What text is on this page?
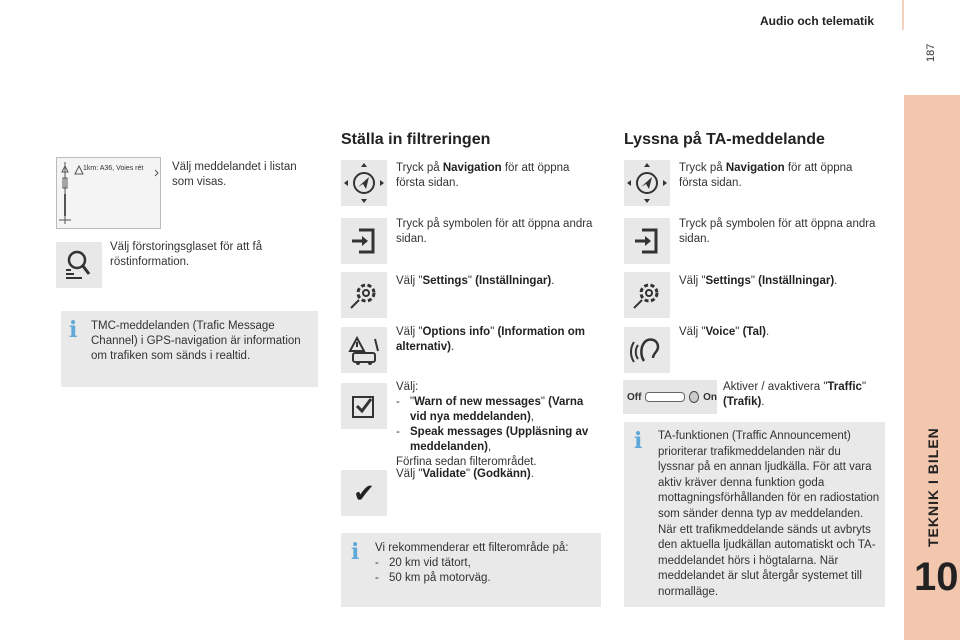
Audio och telematik
187
TEKNIK I BILEN
10
1km: A36, Voies rét Välj meddelandet i listan som visas.
Välj förstoringsglaset för att få röstinformation.
i TMC-meddelanden (Trafic Message Channel) i GPS-navigation är information om trafiken som sänds i realtid.
Ställa in filtreringen
Tryck på Navigation för att öppna första sidan.
Tryck på symbolen för att öppna andra sidan.
Välj "Settings" (Inställningar).
Välj "Options info" (Information om alternativ).
Välj:
- "Warn of new messages" (Varna vid nya meddelanden),
- Speak messages (Uppläsning av meddelanden),
Förfina sedan filterområdet.
✔
Välj "Validate" (Godkänn).
i Vi rekommenderar ett filterområde på:
- 20 km vid tätort,
- 50 km på motorväg.
Lyssna på TA-meddelande
Tryck på Navigation för att öppna första sidan.
Tryck på symbolen för att öppna andra sidan.
Välj "Settings" (Inställningar).
Välj "Voice" (Tal).
Off	On
Aktiver / avaktivera "Traffic" (Trafik).
i TA-funktionen (Traffic Announcement) prioriterar trafikmeddelanden när du lyssnar på en annan ljudkälla. För att vara aktiv kräver denna funktion goda mottagningsförhållanden för en radiostation som sänder denna typ av meddelanden. När ett trafikmeddelande sänds ut avbryts den aktuella ljudkällan automatiskt och TA-meddelandet hörs i högtalarna. När meddelandet är slut återgår systemet till normalläge.
